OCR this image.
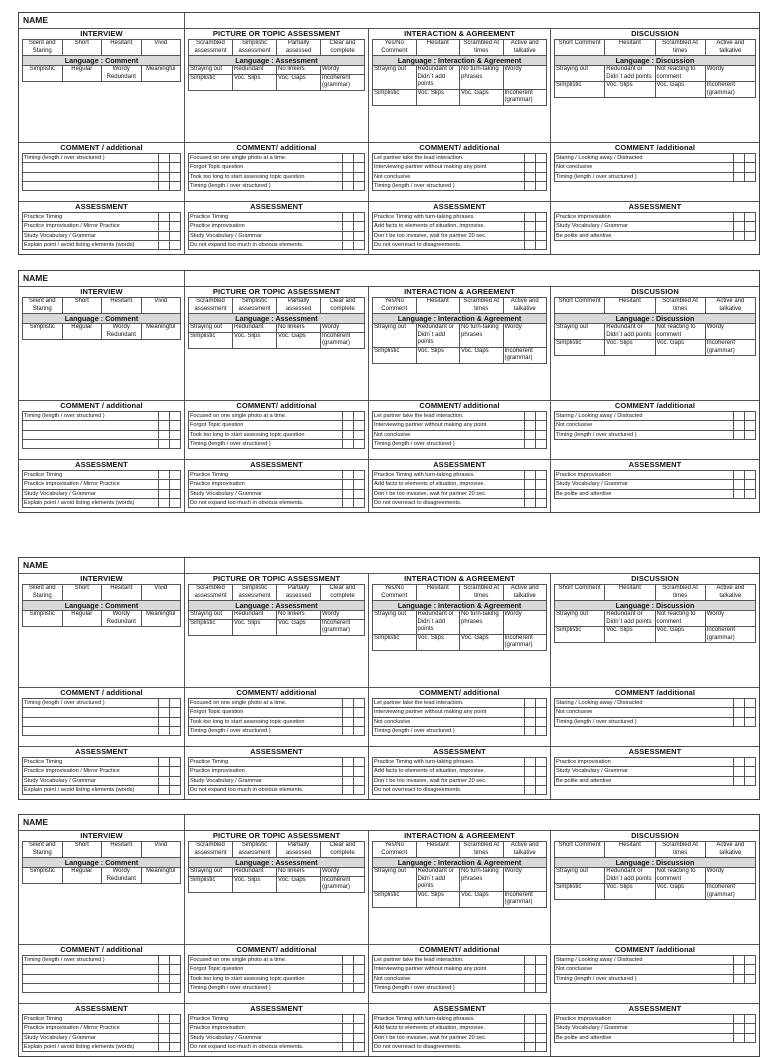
NAME
INTERVIEW
Silent and Staring	Short	Hesitant	Vivid
Language : Comment			
Simplistic	Regular	Wordy Redundant	Meaningful
COMMENT / additional
Timing (length / over structured )		

ASSESSMENT
Practice Timing		
Practice improvisation / Mirror Practice		
Study Vocabulary / Grammar		
Explain point / avoid listing elements (words)		
PICTURE OR TOPIC ASSESSMENT
Scrambled assessment	Simplistic assessment	Partially assessed	Clear and complete
Language : Assessment			
Straying out	Redundant	No linkers	Wordy
Simplistic	Voc. Slips	Voc. Gaps	Incoherent (grammar)
COMMENT/ additional
Focused on one single photo at a time.		
Forgot Topic question		
Took too long to start assessing topic question		
Timing (length / over structured )		
ASSESSMENT
Practice Timing		
Practice improvisation		
Study Vocabulary / Grammar		
Do not expand too much in obvious elements.		
INTERACTION & AGREEMENT
Yes/No Comment	Hesitant	Scrambled At times	Active and talkative
Language : Interaction & Agreement			
Straying out	Redundant or Didn´t add points	No turn-taking phrases	Wordy
Simplistic	Voc. Slips	Voc. Gaps	Incoherent (grammar)
COMMENT/ additional
Let partner take the lead interaction.		
Interviewing partner without making any point		
Not conclusive		
Timing (length / over structured )		
ASSESSMENT
Practice Timing with turn-taking phrases.		
Add facts to elements of situation, improvise.		
Don´t be too invasive, wait for partner 20 sec.		
Do not overreact to disagreements.		
DISCUSSION
Short Comment	Hesitant	Scrambled At times	Active and talkative
Language : Discussion			
Straying out	Redundant or Didn´t add points	Not reacting to comment	Wordy
Simplistic	Voc. Slips	Voc. Gaps	Incoherent (grammar)
COMMENT /additional
Staring / Looking away / Distracted		
Not conclusive		
Timing (length / over structured )		
ASSESSMENT
Practice improvisation		
Study Vocabulary / Grammar		
Be polite and attentive		
NAME
INTERVIEW
Silent and Staring	Short	Hesitant	Vivid
Language : Comment			
Simplistic	Regular	Wordy Redundant	Meaningful
COMMENT / additional
Timing (length / over structured )		

ASSESSMENT
Practice Timing		
Practice improvisation / Mirror Practice		
Study Vocabulary / Grammar		
Explain point / avoid listing elements (words)		
PICTURE OR TOPIC ASSESSMENT
Scrambled assessment	Simplistic assessment	Partially assessed	Clear and complete
Language : Assessment			
Straying out	Redundant	No linkers	Wordy
Simplistic	Voc. Slips	Voc. Gaps	Incoherent (grammar)
COMMENT/ additional
Focused on one single photo at a time.		
Forgot Topic question		
Took too long to start assessing topic question		
Timing (length / over structured )		
ASSESSMENT
Practice Timing		
Practice improvisation		
Study Vocabulary / Grammar		
Do not expand too much in obvious elements.		
INTERACTION & AGREEMENT
Yes/No Comment	Hesitant	Scrambled At times	Active and talkative
Language : Interaction & Agreement			
Straying out	Redundant or Didn´t add points	No turn-taking phrases	Wordy
Simplistic	Voc. Slips	Voc. Gaps	Incoherent (grammar)
COMMENT/ additional
Let partner take the lead interaction.		
Interviewing partner without making any point		
Not conclusive		
Timing (length / over structured )		
ASSESSMENT
Practice Timing with turn-taking phrases.		
Add facts to elements of situation, improvise.		
Don´t be too invasive, wait for partner 20 sec.		
Do not overreact to disagreements.		
DISCUSSION
Short Comment	Hesitant	Scrambled At times	Active and talkative
Language : Discussion			
Straying out	Redundant or Didn´t add points	Not reacting to comment	Wordy
Simplistic	Voc. Slips	Voc. Gaps	Incoherent (grammar)
COMMENT /additional
Staring / Looking away / Distracted		
Not conclusive		
Timing (length / over structured )		
ASSESSMENT
Practice improvisation		
Study Vocabulary / Grammar		
Be polite and attentive		
NAME
INTERVIEW
Silent and Staring	Short	Hesitant	Vivid
Language : Comment			
Simplistic	Regular	Wordy Redundant	Meaningful
COMMENT / additional
Timing (length / over structured )		

ASSESSMENT
Practice Timing		
Practice improvisation / Mirror Practice		
Study Vocabulary / Grammar		
Explain point / avoid listing elements (words)		
PICTURE OR TOPIC ASSESSMENT
Scrambled assessment	Simplistic assessment	Partially assessed	Clear and complete
Language : Assessment			
Straying out	Redundant	No linkers	Wordy
Simplistic	Voc. Slips	Voc. Gaps	Incoherent (grammar)
COMMENT/ additional
Focused on one single photo at a time.		
Forgot Topic question		
Took too long to start assessing topic question		
Timing (length / over structured )		
ASSESSMENT
Practice Timing		
Practice improvisation		
Study Vocabulary / Grammar		
Do not expand too much in obvious elements.		
INTERACTION & AGREEMENT
Yes/No Comment	Hesitant	Scrambled At times	Active and talkative
Language : Interaction & Agreement			
Straying out	Redundant or Didn´t add points	No turn-taking phrases	Wordy
Simplistic	Voc. Slips	Voc. Gaps	Incoherent (grammar)
COMMENT/ additional
Let partner take the lead interaction.		
Interviewing partner without making any point		
Not conclusive		
Timing (length / over structured )		
ASSESSMENT
Practice Timing with turn-taking phrases.		
Add facts to elements of situation, improvise.		
Don´t be too invasive, wait for partner 20 sec.		
Do not overreact to disagreements.		
DISCUSSION
Short Comment	Hesitant	Scrambled At times	Active and talkative
Language : Discussion			
Straying out	Redundant or Didn´t add points	Not reacting to comment	Wordy
Simplistic	Voc. Slips	Voc. Gaps	Incoherent (grammar)
COMMENT /additional
Staring / Looking away / Distracted		
Not conclusive		
Timing (length / over structured )		
ASSESSMENT
Practice improvisation		
Study Vocabulary / Grammar		
Be polite and attentive		
NAME
INTERVIEW
Silent and Staring	Short	Hesitant	Vivid
Language : Comment			
Simplistic	Regular	Wordy Redundant	Meaningful
COMMENT / additional
Timing (length / over structured )		

ASSESSMENT
Practice Timing		
Practice improvisation / Mirror Practice		
Study Vocabulary / Grammar		
Explain point / avoid listing elements (words)		
PICTURE OR TOPIC ASSESSMENT
Scrambled assessment	Simplistic assessment	Partially assessed	Clear and complete
Language : Assessment			
Straying out	Redundant	No linkers	Wordy
Simplistic	Voc. Slips	Voc. Gaps	Incoherent (grammar)
COMMENT/ additional
Focused on one single photo at a time.		
Forgot Topic question		
Took too long to start assessing topic question		
Timing (length / over structured )		
ASSESSMENT
Practice Timing		
Practice improvisation		
Study Vocabulary / Grammar		
Do not expand too much in obvious elements.		
INTERACTION & AGREEMENT
Yes/No Comment	Hesitant	Scrambled At times	Active and talkative
Language : Interaction & Agreement			
Straying out	Redundant or Didn´t add points	No turn-taking phrases	Wordy
Simplistic	Voc. Slips	Voc. Gaps	Incoherent (grammar)
COMMENT/ additional
Let partner take the lead interaction.		
Interviewing partner without making any point		
Not conclusive		
Timing (length / over structured )		
ASSESSMENT
Practice Timing with turn-taking phrases.		
Add facts to elements of situation, improvise.		
Don´t be too invasive, wait for partner 20 sec.		
Do not overreact to disagreements.		
DISCUSSION
Short Comment	Hesitant	Scrambled At times	Active and talkative
Language : Discussion			
Straying out	Redundant or Didn´t add points	Not reacting to comment	Wordy
Simplistic	Voc. Slips	Voc. Gaps	Incoherent (grammar)
COMMENT /additional
Staring / Looking away / Distracted		
Not conclusive		
Timing (length / over structured )		
ASSESSMENT
Practice improvisation		
Study Vocabulary / Grammar		
Be polite and attentive		
